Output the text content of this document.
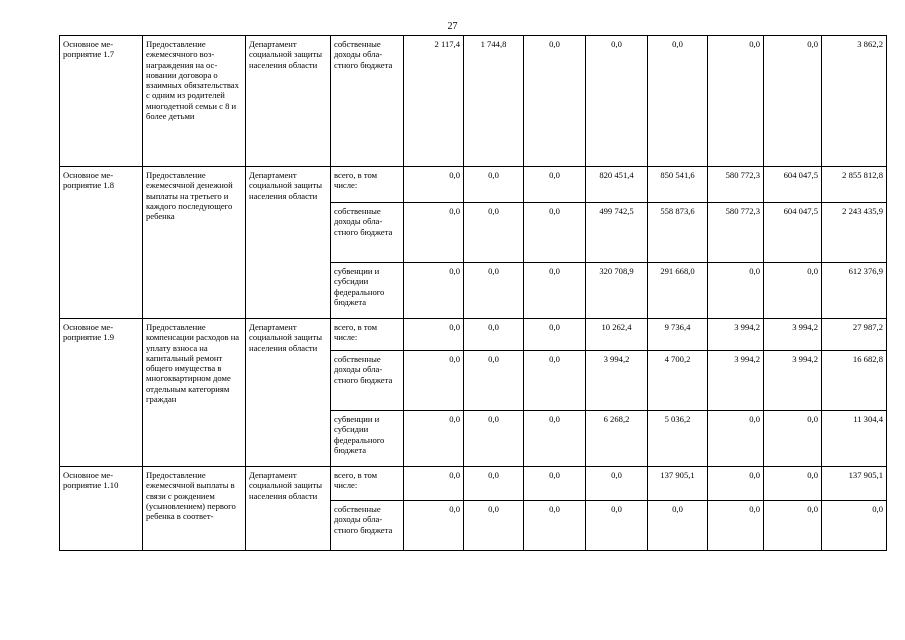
27
Основное мероприятие 1.7	Предоставление ежемесячного вознаграждения на основании договора о взаимных обязательствах с одним из родителей многодетной семьи с 8 и более детьми	Департамент социальной защиты населения области	собственные доходы областного бюджета	2 117,4	1 744,8	0,0	0,0	0,0	0,0	0,0	3 862,2
Основное мероприятие 1.8	Предоставление ежемесячной денежной выплаты на третьего и каждого последующего ребенка	Департамент социальной защиты населения области	всего, в том числе:	0,0	0,0	0,0	820 451,4	850 541,6	580 772,3	604 047,5	2 855 812,8
			собственные доходы областного бюджета	0,0	0,0	0,0	499 742,5	558 873,6	580 772,3	604 047,5	2 243 435,9
			субвенции и субсидии федерального бюджета	0,0	0,0	0,0	320 708,9	291 668,0	0,0	0,0	612 376,9
Основное мероприятие 1.9	Предоставление компенсации расходов на уплату взноса на капитальный ремонт общего имущества в многоквартирном доме отдельным категориям граждан	Департамент социальной защиты населения области	всего, в том числе:	0,0	0,0	0,0	10 262,4	9 736,4	3 994,2	3 994,2	27 987,2
			собственные доходы областного бюджета	0,0	0,0	0,0	3 994,2	4 700,2	3 994,2	3 994,2	16 682,8
			субвенции и субсидии федерального бюджета	0,0	0,0	0,0	6 268,2	5 036,2	0,0	0,0	11 304,4
Основное мероприятие 1.10	Предоставление ежемесячной выплаты в связи с рождением (усыновлением) первого ребенка в соответ-	Департамент социальной защиты населения области	всего, в том числе:	0,0	0,0	0,0	0,0	137 905,1	0,0	0,0	137 905,1
			собственные доходы областного бюджета	0,0	0,0	0,0	0,0	0,0	0,0	0,0	0,0
